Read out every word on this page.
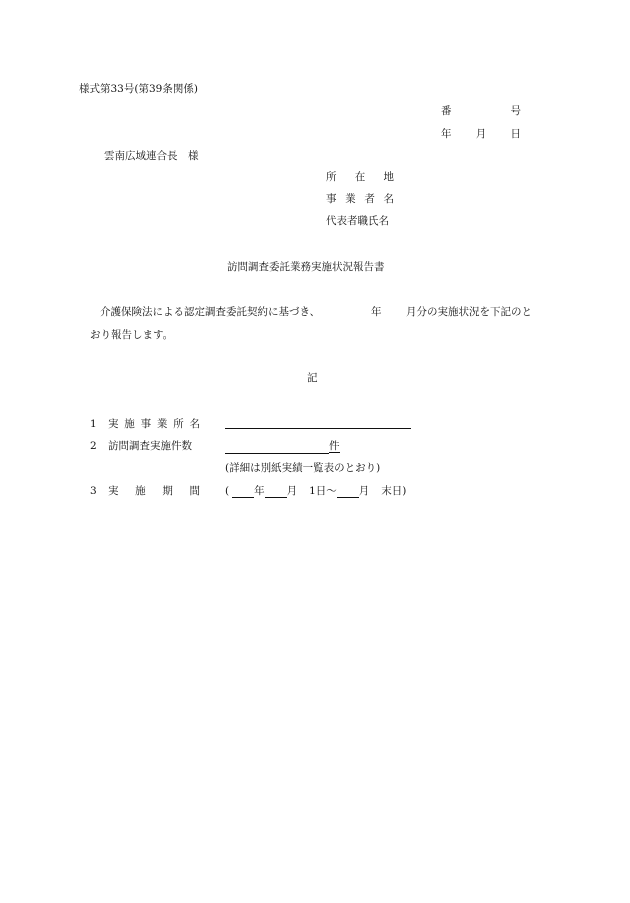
様式第33号(第39条関係)
番	号
年 月 日
雲南広域連合長　様
所 在 地
事 業 者 名
代表者職氏名
訪問調査委託業務実施状況報告書
介護保険法による認定調査委託契約に基づき、	年 月分の実施状況を下記のと
おり報告します。
記
1 実 施 事 業 所 名
2 訪問調査実施件数	件
(詳細は別紙実績一覧表のとおり)
3 実 施 期 間 ( 年 月 1日〜 月 末日)
